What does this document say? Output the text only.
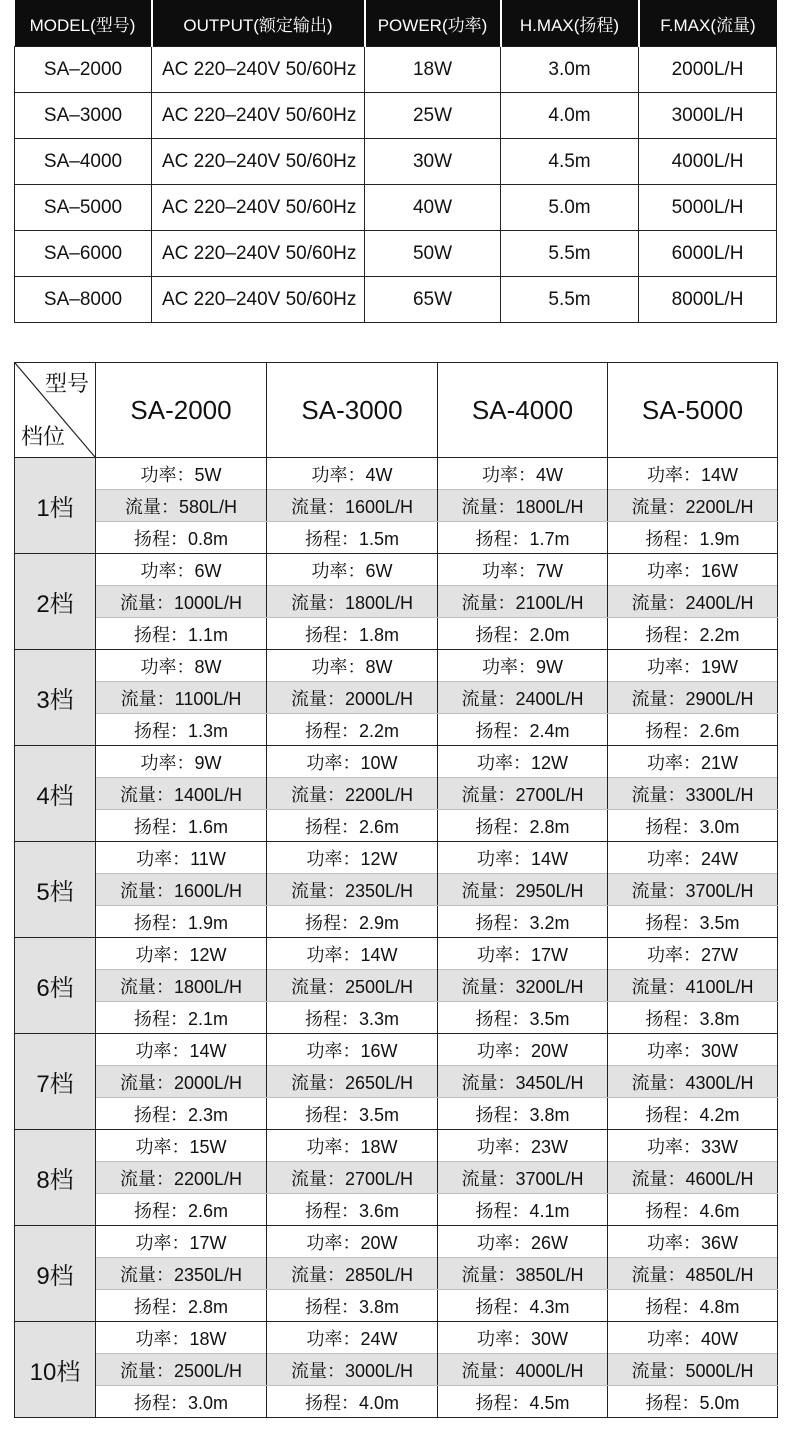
MODEL(型号)	OUTPUT(额定输出)	POWER(功率)	H.MAX(扬程)	F.MAX(流量)
SA–2000	AC 220–240V 50/60Hz	18W	3.0m	2000L/H
SA–3000	AC 220–240V 50/60Hz	25W	4.0m	3000L/H
SA–4000	AC 220–240V 50/60Hz	30W	4.5m	4000L/H
SA–5000	AC 220–240V 50/60Hz	40W	5.0m	5000L/H
SA–6000	AC 220–240V 50/60Hz	50W	5.5m	6000L/H
SA–8000	AC 220–240V 50/60Hz	65W	5.5m	8000L/H
型号
档位	SA-2000	SA-3000	SA-4000	SA-5000
1档	功率：5W	功率：4W	功率：4W	功率：14W
	流量：580L/H	流量：1600L/H	流量：1800L/H	流量：2200L/H
	扬程：0.8m	扬程：1.5m	扬程：1.7m	扬程：1.9m
2档	功率：6W	功率：6W	功率：7W	功率：16W
	流量：1000L/H	流量：1800L/H	流量：2100L/H	流量：2400L/H
	扬程：1.1m	扬程：1.8m	扬程：2.0m	扬程：2.2m
3档	功率：8W	功率：8W	功率：9W	功率：19W
	流量：1100L/H	流量：2000L/H	流量：2400L/H	流量：2900L/H
	扬程：1.3m	扬程：2.2m	扬程：2.4m	扬程：2.6m
4档	功率：9W	功率：10W	功率：12W	功率：21W
	流量：1400L/H	流量：2200L/H	流量：2700L/H	流量：3300L/H
	扬程：1.6m	扬程：2.6m	扬程：2.8m	扬程：3.0m
5档	功率：11W	功率：12W	功率：14W	功率：24W
	流量：1600L/H	流量：2350L/H	流量：2950L/H	流量：3700L/H
	扬程：1.9m	扬程：2.9m	扬程：3.2m	扬程：3.5m
6档	功率：12W	功率：14W	功率：17W	功率：27W
	流量：1800L/H	流量：2500L/H	流量：3200L/H	流量：4100L/H
	扬程：2.1m	扬程：3.3m	扬程：3.5m	扬程：3.8m
7档	功率：14W	功率：16W	功率：20W	功率：30W
	流量：2000L/H	流量：2650L/H	流量：3450L/H	流量：4300L/H
	扬程：2.3m	扬程：3.5m	扬程：3.8m	扬程：4.2m
8档	功率：15W	功率：18W	功率：23W	功率：33W
	流量：2200L/H	流量：2700L/H	流量：3700L/H	流量：4600L/H
	扬程：2.6m	扬程：3.6m	扬程：4.1m	扬程：4.6m
9档	功率：17W	功率：20W	功率：26W	功率：36W
	流量：2350L/H	流量：2850L/H	流量：3850L/H	流量：4850L/H
	扬程：2.8m	扬程：3.8m	扬程：4.3m	扬程：4.8m
10档	功率：18W	功率：24W	功率：30W	功率：40W
	流量：2500L/H	流量：3000L/H	流量：4000L/H	流量：5000L/H
	扬程：3.0m	扬程：4.0m	扬程：4.5m	扬程：5.0m
